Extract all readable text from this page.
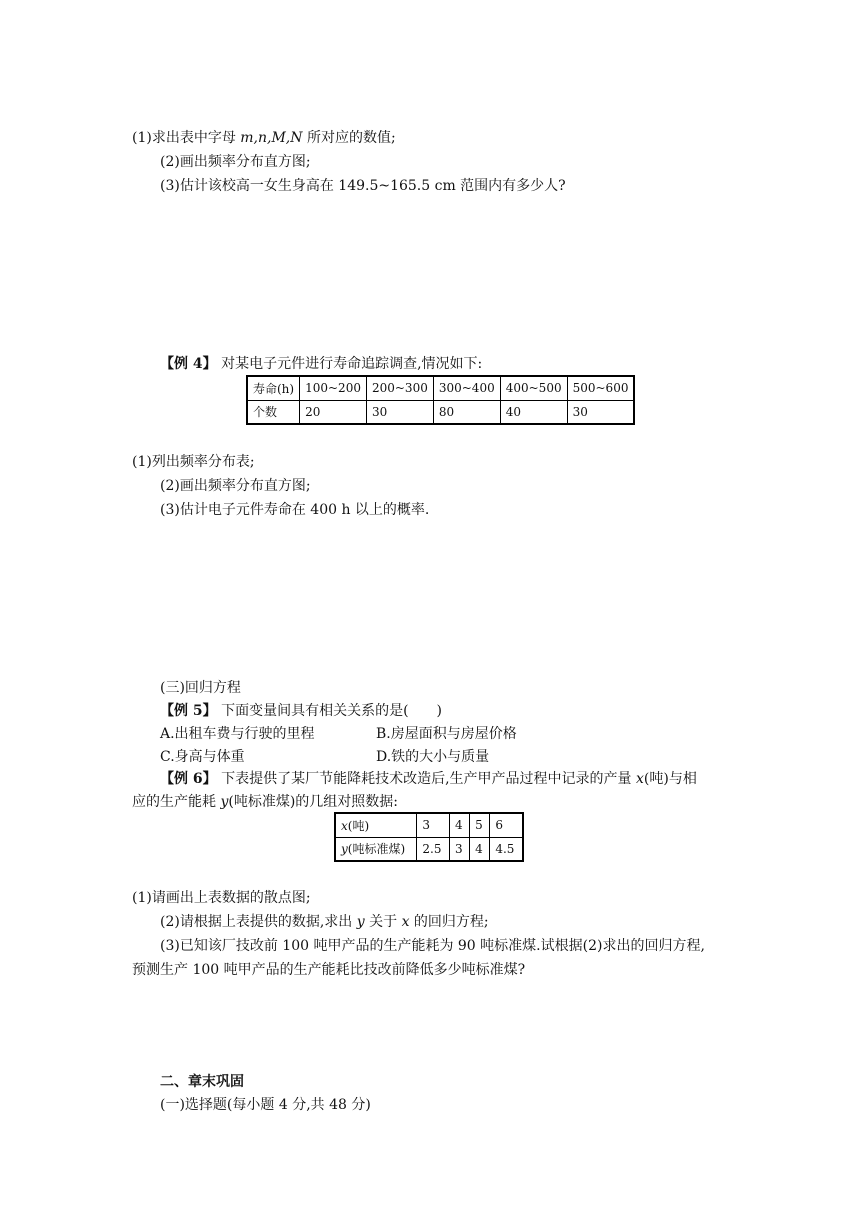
(1)求出表中字母 m,n,M,N 所对应的数值;
(2)画出频率分布直方图;
(3)估计该校高一女生身高在 149.5~165.5 cm 范围内有多少人?
【例 4】 对某电子元件进行寿命追踪调查,情况如下:
寿命(h)	100~200	200~300	300~400	400~500	500~600
个数	20	30	80	40	30
(1)列出频率分布表;
(2)画出频率分布直方图;
(3)估计电子元件寿命在 400 h 以上的概率.
(三)回归方程
【例 5】 下面变量间具有相关关系的是(　　)
A.出租车费与行驶的里程	B.房屋面积与房屋价格
C.身高与体重	D.铁的大小与质量
【例 6】 下表提供了某厂节能降耗技术改造后,生产甲产品过程中记录的产量 x(吨)与相
应的生产能耗 y(吨标准煤)的几组对照数据:
x(吨)	3	4	5	6
y(吨标准煤)	2.5	3	4	4.5
(1)请画出上表数据的散点图;
(2)请根据上表提供的数据,求出 y 关于 x 的回归方程;
(3)已知该厂技改前 100 吨甲产品的生产能耗为 90 吨标准煤.试根据(2)求出的回归方程,
预测生产 100 吨甲产品的生产能耗比技改前降低多少吨标准煤?
二、章末巩固
(一)选择题(每小题 4 分,共 48 分)
